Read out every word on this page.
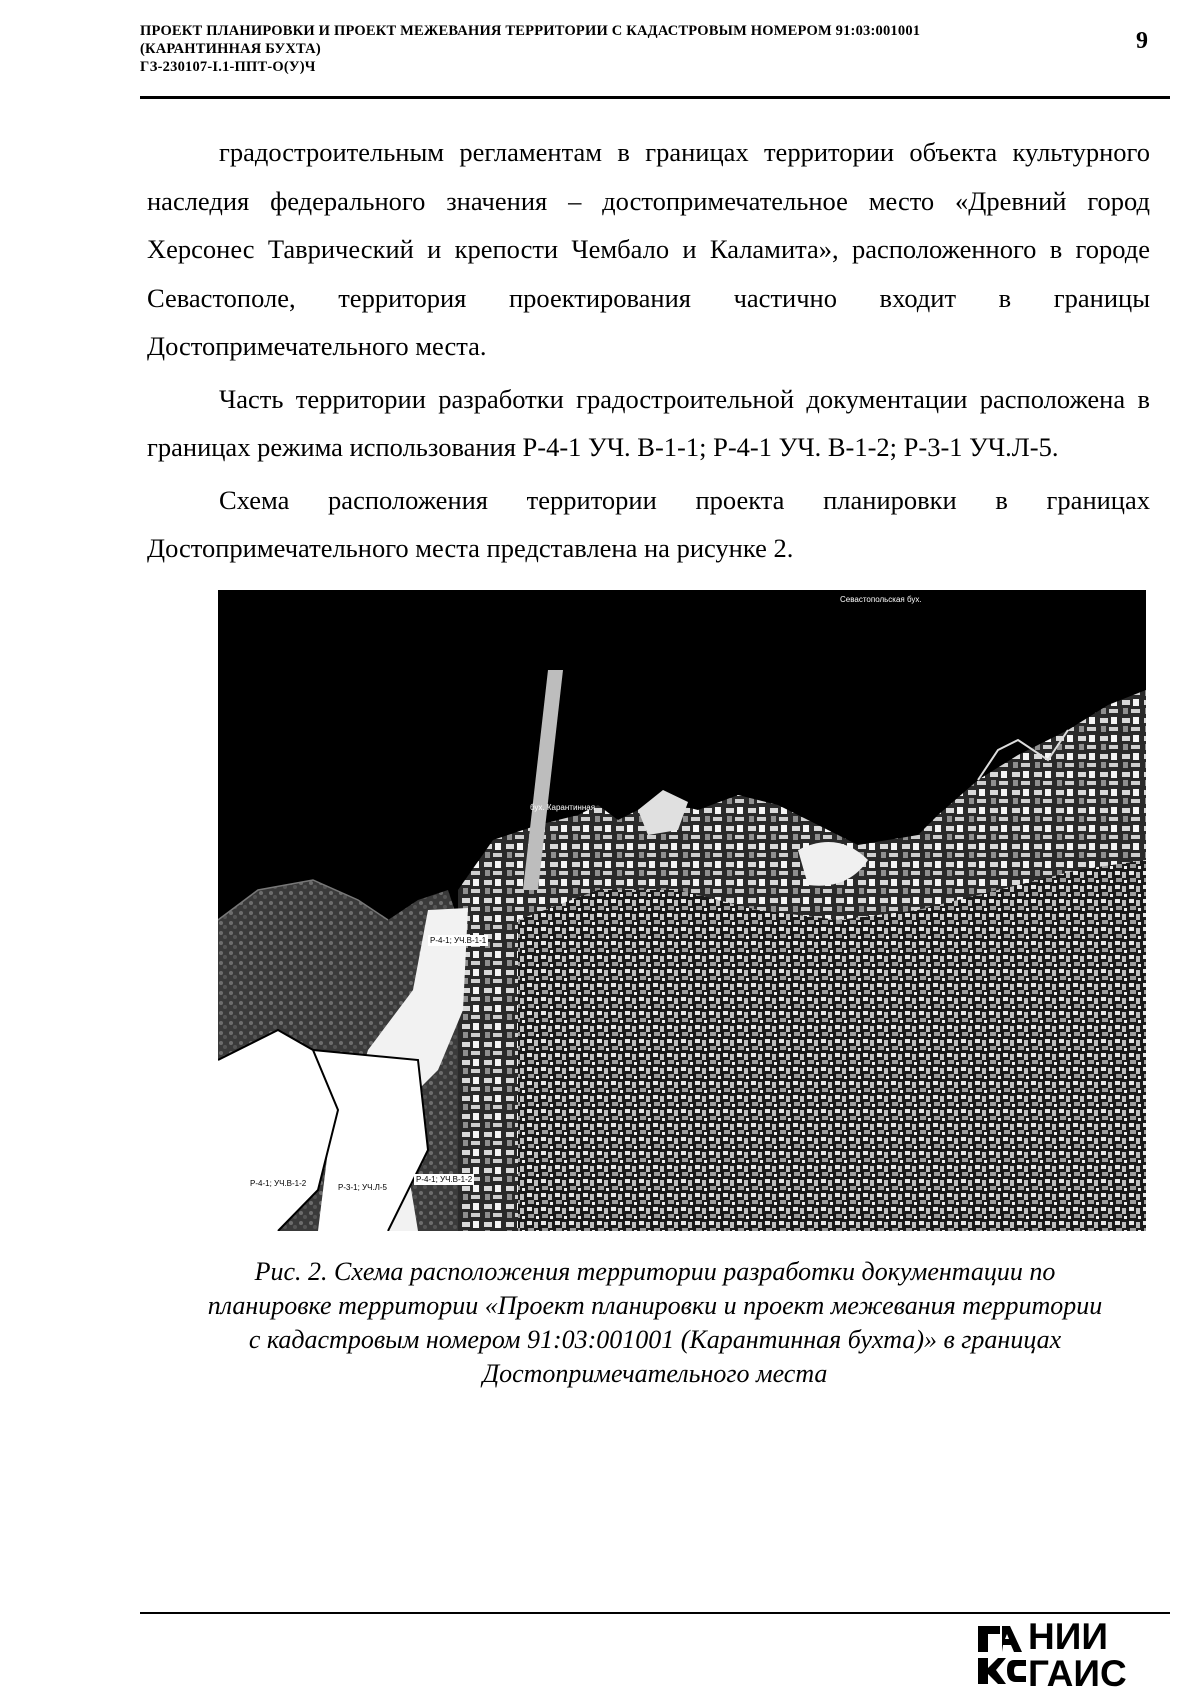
ПРОЕКТ ПЛАНИРОВКИ И ПРОЕКТ МЕЖЕВАНИЯ ТЕРРИТОРИИ С КАДАСТРОВЫМ НОМЕРОМ 91:03:001001
(КАРАНТИННАЯ БУХТА)
ГЗ-230107-I.1-ППТ-О(У)Ч
9

градостроительным регламентам в границах территории объекта культурного наследия федерального значения – достопримечательное место «Древний город Херсонес Таврический и крепости Чембало и Каламита», расположенного в городе Севастополе, территория проектирования частично входит в границы Достопримечательного места.

Часть территории разработки градостроительной документации расположена в границах режима использования Р-4-1 УЧ. В-1-1; Р-4-1 УЧ. В-1-2; Р-3-1 УЧ.Л-5.

Схема расположения территории проекта планировки в границах Достопримечательного места представлена на рисунке 2.

Севастопольская бух.
бух. Карантинная
Р-4-1; УЧ.В-1-1
Р-4-1; УЧ.В-1-2	Р-3-1; УЧ.Л-5
Р-4-1; УЧ.В-1-2
Рис. 2. Схема расположения территории разработки документации по
планировке территории «Проект планировки и проект межевания территории
с кадастровым номером 91:03:001001 (Карантинная бухта)» в границах
Достопримечательного места
НИИ
ГАИС
